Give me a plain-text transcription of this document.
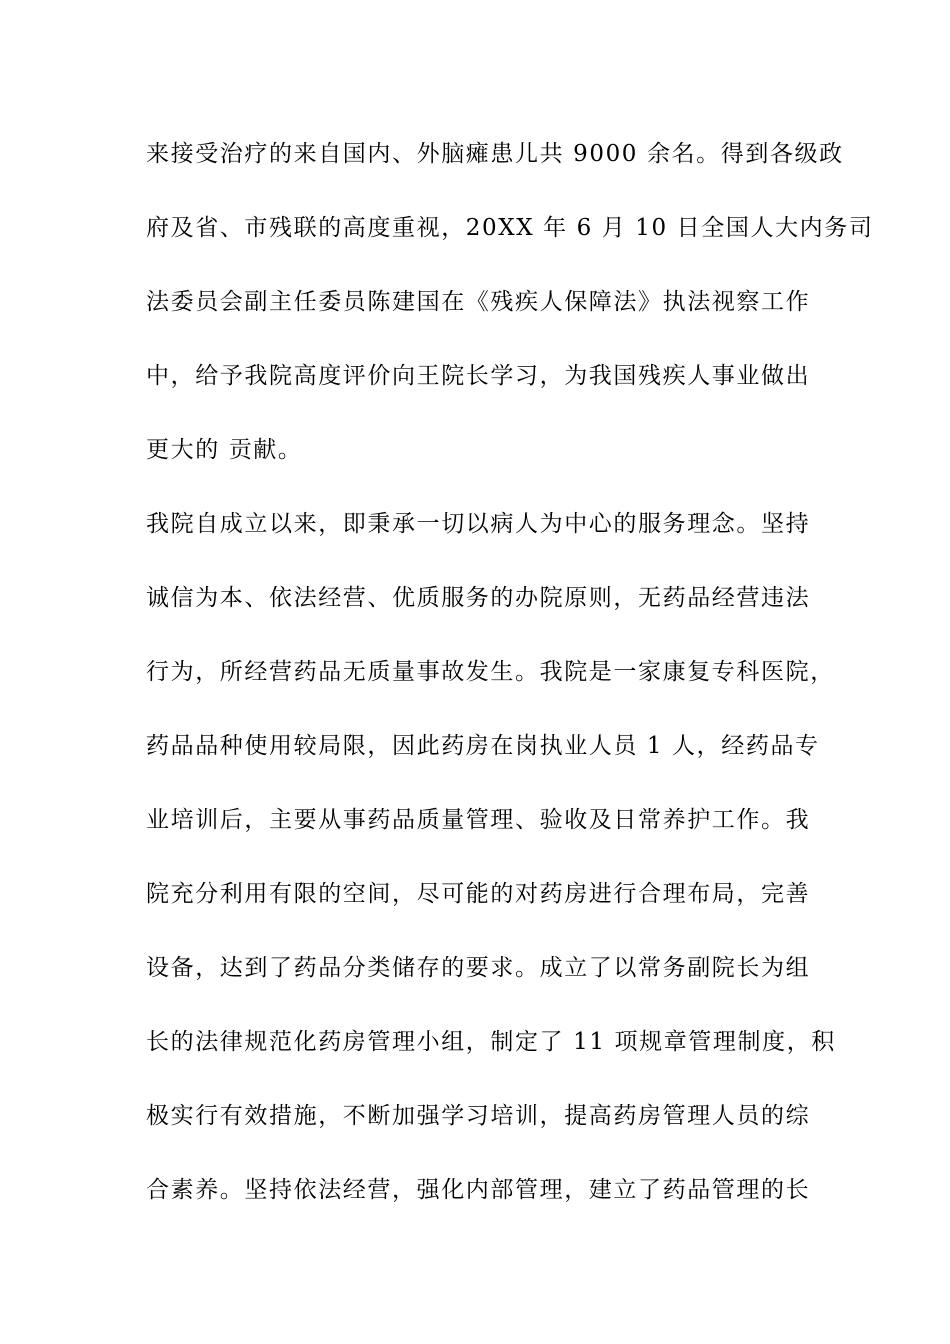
来接受治疗的来自国内、外脑瘫患儿共 9000 余名。得到各级政
府及省、市残联的高度重视，20XX 年 6 月 10 日全国人大内务司
法委员会副主任委员陈建国在《残疾人保障法》执法视察工作
中，给予我院高度评价向王院长学习，为我国残疾人事业做出
更大的 贡献。
我院自成立以来，即秉承一切以病人为中心的服务理念。坚持
诚信为本、依法经营、优质服务的办院原则，无药品经营违法
行为，所经营药品无质量事故发生。我院是一家康复专科医院，
药品品种使用较局限，因此药房在岗执业人员 1 人，经药品专
业培训后，主要从事药品质量管理、验收及日常养护工作。我
院充分利用有限的空间，尽可能的对药房进行合理布局，完善
设备，达到了药品分类储存的要求。成立了以常务副院长为组
长的法律规范化药房管理小组，制定了 11 项规章管理制度，积
极实行有效措施，不断加强学习培训，提高药房管理人员的综
合素养。坚持依法经营，强化内部管理，建立了药品管理的长
